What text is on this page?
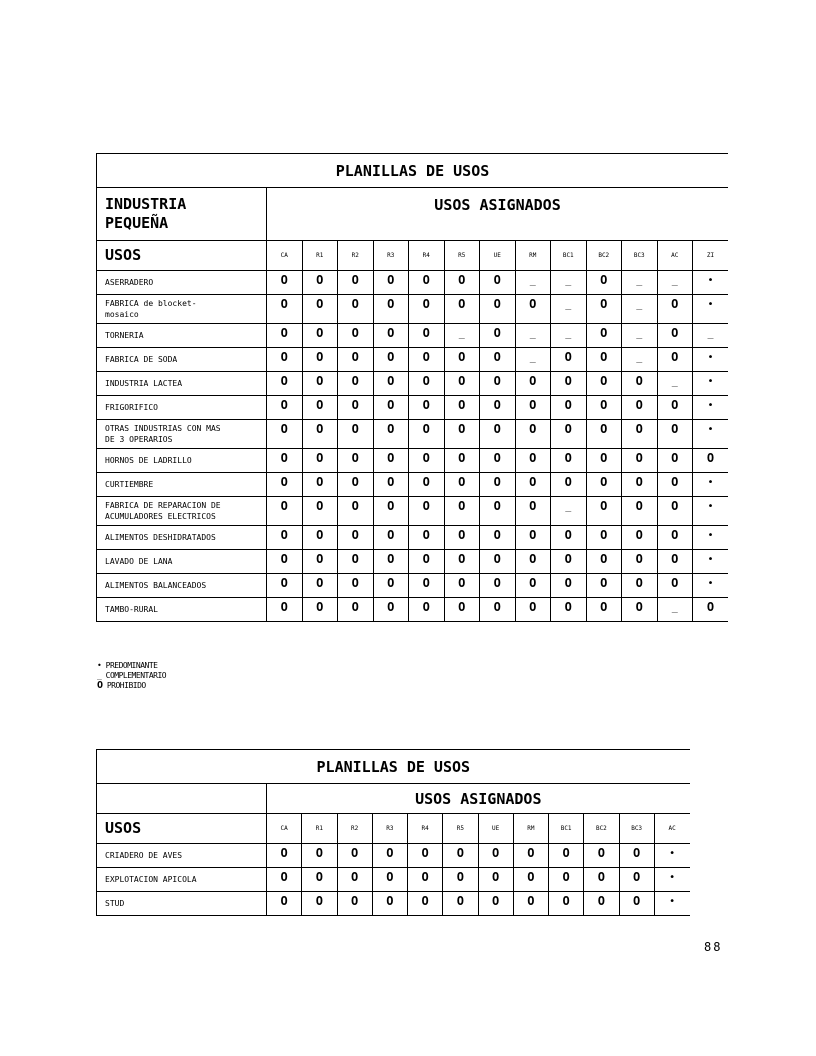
PLANILLAS DE USOS													
INDUSTRIA
PEQUEÑA	USOS ASIGNADOS												
USOS	CA	R1	R2	R3	R4	R5	UE	RM	BC1	BC2	BC3	AC	ZI
ASERRADERO	O	O	O	O	O	O	O	_	_	O	_	_	•
FABRICA de blocket-
mosaico	O	O	O	O	O	O	O	O	_	O	_	O	•
TORNERIA	O	O	O	O	O	_	O	_	_	O	_	O	_
FABRICA DE SODA	O	O	O	O	O	O	O	_	O	O	_	O	•
INDUSTRIA LACTEA	O	O	O	O	O	O	O	O	O	O	O	_	•
FRIGORIFICO	O	O	O	O	O	O	O	O	O	O	O	O	•
OTRAS INDUSTRIAS CON MAS
DE 3 OPERARIOS	O	O	O	O	O	O	O	O	O	O	O	O	•
HORNOS DE LADRILLO	O	O	O	O	O	O	O	O	O	O	O	O	O
CURTIEMBRE	O	O	O	O	O	O	O	O	O	O	O	O	•
FABRICA DE REPARACION DE
ACUMULADORES ELECTRICOS	O	O	O	O	O	O	O	O	_	O	O	O	•
ALIMENTOS DESHIDRATADOS	O	O	O	O	O	O	O	O	O	O	O	O	•
LAVADO DE LANA	O	O	O	O	O	O	O	O	O	O	O	O	•
ALIMENTOS BALANCEADOS	O	O	O	O	O	O	O	O	O	O	O	O	•
TAMBO-RURAL	O	O	O	O	O	O	O	O	O	O	O	_	O
• PREDOMINANTE
_ COMPLEMENTARIO
O PROHIBIDO
PLANILLAS DE USOS												
	USOS ASIGNADOS											
USOS	CA	R1	R2	R3	R4	R5	UE	RM	BC1	BC2	BC3	AC
CRIADERO DE AVES	O	O	O	O	O	O	O	O	O	O	O	•
EXPLOTACION APICOLA	O	O	O	O	O	O	O	O	O	O	O	•
STUD	O	O	O	O	O	O	O	O	O	O	O	•
88
